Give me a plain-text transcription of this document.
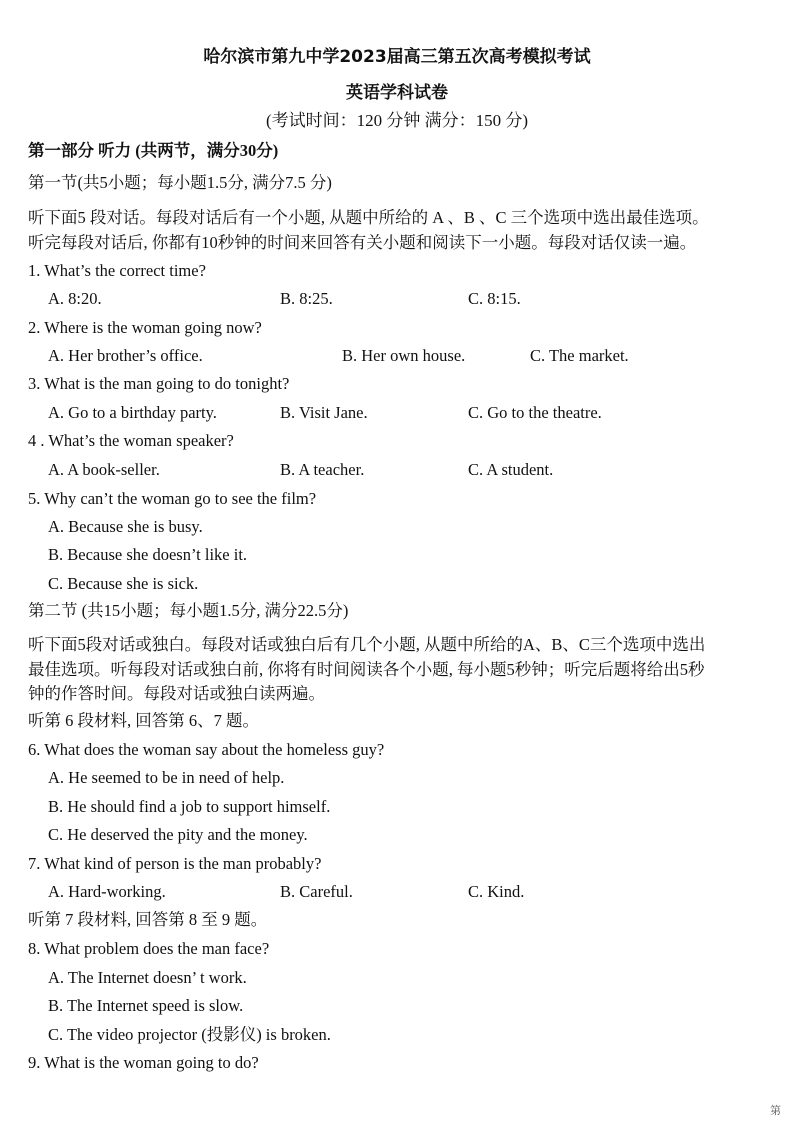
哈尔滨市第九中学2023届高三第五次高考模拟考试
英语学科试卷
(考试时间：120 分钟 满分：150 分)
第一部分 听力 (共两节，满分30分)
第一节(共5小题；每小题1.5分, 满分7.5 分)
听下面5 段对话。每段对话后有一个小题, 从题中所给的 A 、B 、C 三个选项中选出最佳选项。
听完每段对话后, 你都有10秒钟的时间来回答有关小题和阅读下一小题。每段对话仅读一遍。
1. What’s the correct time?
A. 8:20.	B. 8:25.	C. 8:15.
2. Where is the woman going now?
A. Her brother’s office.	B. Her own house.	C. The market.
3. What is the man going to do tonight?
A. Go to a birthday party.	B. Visit Jane.	C. Go to the theatre.
4 . What’s the woman speaker?
A. A book-seller.	B. A teacher.	C. A student.
5. Why can’t the woman go to see the film?
A. Because she is busy.
B. Because she doesn’t like it.
C. Because she is sick.
第二节 (共15小题；每小题1.5分, 满分22.5分)
听下面5段对话或独白。每段对话或独白后有几个小题, 从题中所给的A、B、C三个选项中选出
最佳选项。听每段对话或独白前, 你将有时间阅读各个小题, 每小题5秒钟；听完后题将给出5秒
钟的作答时间。每段对话或独白读两遍。
听第 6 段材料, 回答第 6、7 题。
6. What does the woman say about the homeless guy?
A. He seemed to be in need of help.
B. He should find a job to support himself.
C. He deserved the pity and the money.
7. What kind of person is the man probably?
A. Hard-working.	B. Careful.	C. Kind.
听第 7 段材料, 回答第 8 至 9 题。
8. What problem does the man face?
A. The Internet doesn’ t work.
B. The Internet speed is slow.
C. The video projector (投影仪) is broken.
9. What is the woman going to do?
第
